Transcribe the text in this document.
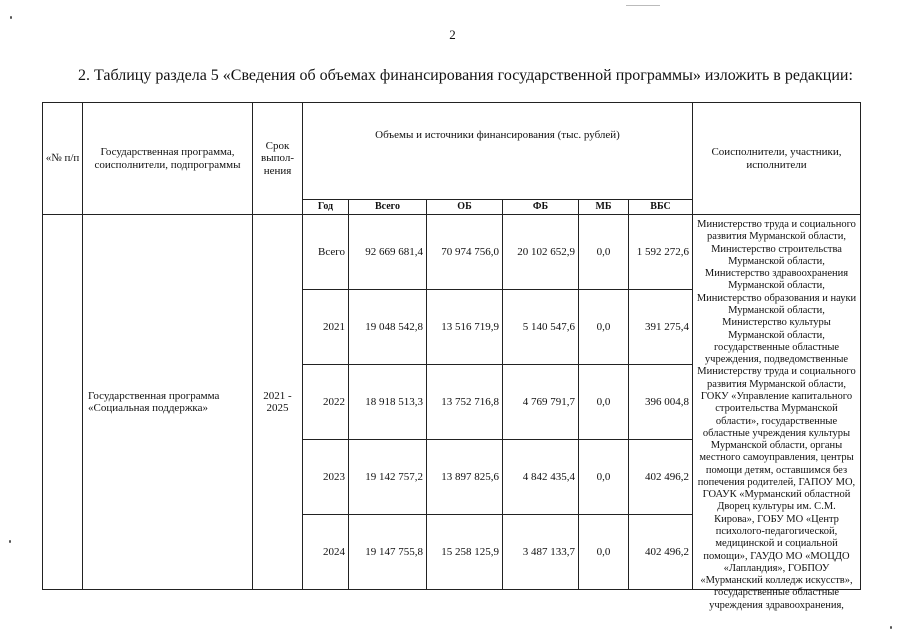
2
2. Таблицу раздела 5 «Сведения об объемах финансирования государственной программы» изложить в редакции:
«№ п/п	Государственная программа, соисполнители, подпрограммы	Срок выпол-нения	Объемы и источники финансирования (тыс. рублей)						Соисполнители, участники, исполнители
			Год	Всего	ОБ	ФБ	МБ	ВБС	
	Государственная программа «Социальная поддержка»	2021 - 2025	Всего	92 669 681,4	70 974 756,0	20 102 652,9	0,0	1 592 272,6	Министерство труда и социального развития Мурманской области, Министерство строительства Мурманской области, Министерство здравоохранения Мурманской области, Министерство образования и науки Мурманской области, Министерство культуры Мурманской области, государственные областные учреждения, подведомственные Министерству труда и социального развития Мурманской области, ГОКУ «Управление капитального строительства Мурманской области», государственные областные учреждения культуры Мурманской области, органы местного самоуправления, центры помощи детям, оставшимся без попечения родителей, ГАПОУ МО, ГОАУК «Мурманский областной Дворец культуры им. С.М. Кирова», ГОБУ МО «Центр психолого-педагогической, медицинской и социальной помощи», ГАУДО МО «МОЦДО «Лапландия», ГОБПОУ «Мурманский колледж искусств», государственные областные учреждения здравоохранения,

			2021	19 048 542,8	13 516 719,9	5 140 547,6	0,0	391 275,4	
			2022	18 918 513,3	13 752 716,8	4 769 791,7	0,0	396 004,8	
			2023	19 142 757,2	13 897 825,6	4 842 435,4	0,0	402 496,2	
			2024	19 147 755,8	15 258 125,9	3 487 133,7	0,0	402 496,2	
